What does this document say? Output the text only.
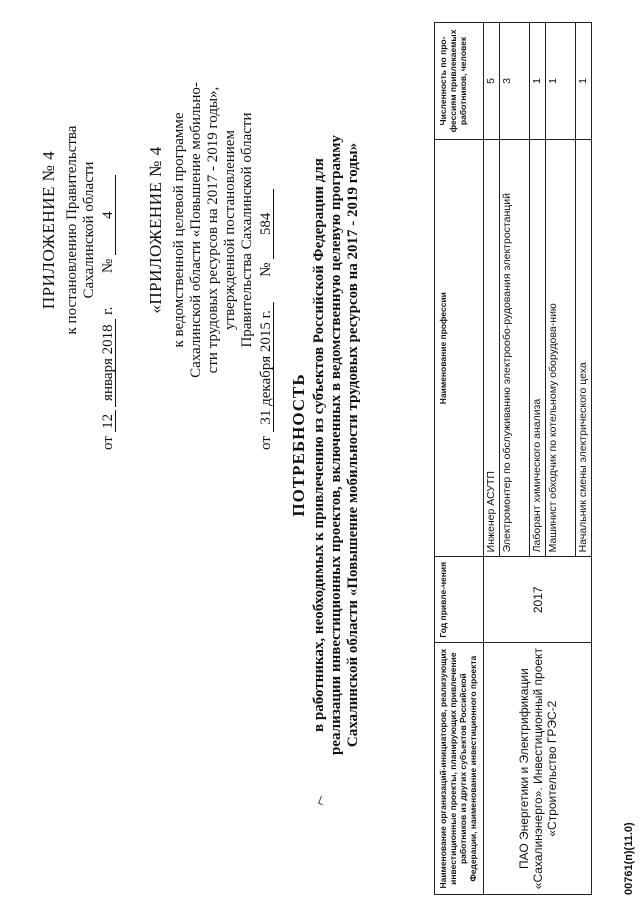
ПРИЛОЖЕНИЕ № 4 к постановлению Правительства Сахалинской области
от 12 января 2018 г.  № 4 «ПРИЛОЖЕНИЕ № 4 к ведомственной целевой программе Сахалинской области «Повышение мобильно- сти трудовых ресурсов на 2017 - 2019 годы», утвержденной постановлением Правительства Сахалинской области
от 31 декабря 2015 г.  № 584
ПОТРЕБНОСТЬ в работниках, необходимых к привлечению из субъектов Российской Федерации для реализации инвестиционных проектов, включенных в ведомственную целевую программу Сахалинской области «Повышение мобильности трудовых ресурсов на 2017 - 2019 годы»
⌐	Наименование организаций-инициаторов, реализующих инвестиционные проекты, планирующих привлечение работников из других субъектов Российской Федерации, наименование инвестиционного проекта	Год привле-чения	Наименование профессии	Численность по про-фессиям привлекаемых работников, человек
ПАО Энергетики и Электрификации «Сахалинэнерго». Инвестиционный проект «Строительство ГРЭС-2	2017	Инженер АСУТП	5
		Электромонтер по обслуживанию электрообо-рудования электростанций	3
		Лаборант химического анализа	1
		Машинист обходчик по котельному оборудова-нию	1
		Начальник смены электрического цеха	1
00761(п)(11.0)
